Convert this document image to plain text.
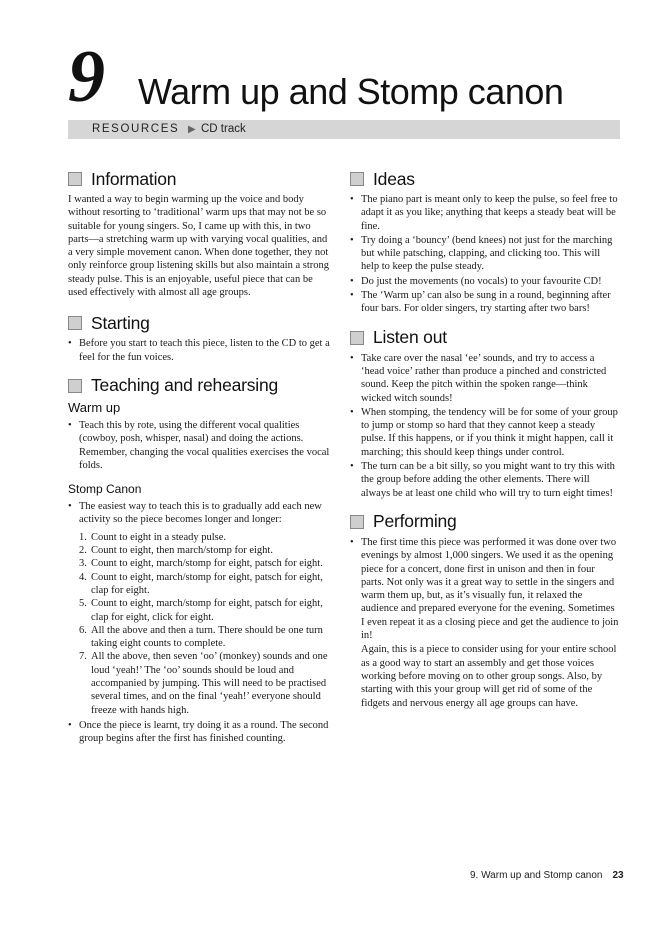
9 Warm up and Stomp canon
RESOURCES ▶ CD track
Information

I wanted a way to begin warming up the voice and body without resorting to ‘traditional’ warm ups that may not be so suitable for young singers. So, I came up with this, in two parts—a stretching warm up with varying vocal qualities, and a very simple movement canon. When done together, they not only reinforce group listening skills but also maintain a strong steady pulse. This is an enjoyable, useful piece that can be used effectively with almost all age groups.

Starting
• Before you start to teach this piece, listen to the CD to get a feel for the fun voices.
Teaching and rehearsing
Warm up
• Teach this by rote, using the different vocal qualities (cowboy, posh, whisper, nasal) and doing the actions. Remember, changing the vocal qualities exercises the vocal folds.
Stomp Canon
• The easiest way to teach this is to gradually add each new activity so the piece becomes longer and longer:
1. Count to eight in a steady pulse.
2. Count to eight, then march/stomp for eight.
3. Count to eight, march/stomp for eight, patsch for eight.
4. Count to eight, march/stomp for eight, patsch for eight, clap for eight.
5. Count to eight, march/stomp for eight, patsch for eight, clap for eight, click for eight.
6. All the above and then a turn. There should be one turn taking eight counts to complete.
7. All the above, then seven ‘oo’ (monkey) sounds and one loud ‘yeah!’ The ‘oo’ sounds should be loud and accompanied by jumping. This will need to be practised several times, and on the final ‘yeah!’ everyone should freeze with hands high.
• Once the piece is learnt, try doing it as a round. The second group begins after the first has finished counting.
Ideas
• The piano part is meant only to keep the pulse, so feel free to adapt it as you like; anything that keeps a steady beat will be fine.
• Try doing a ‘bouncy’ (bend knees) not just for the marching but while patsching, clapping, and clicking too. This will help to keep the pulse steady.
• Do just the movements (no vocals) to your favourite CD!
• The ‘Warm up’ can also be sung in a round, beginning after four bars. For older singers, try starting after two bars!
Listen out
• Take care over the nasal ‘ee’ sounds, and try to access a ‘head voice’ rather than produce a pinched and constricted sound. Keep the pitch within the spoken range—think wicked witch sounds!
• When stomping, the tendency will be for some of your group to jump or stomp so hard that they cannot keep a steady pulse. If this happens, or if you think it might happen, call it marching; this should keep things under control.
• The turn can be a bit silly, so you might want to try this with the group before adding the other elements. There will always be at least one child who will try to turn eight times!
Performing
• The first time this piece was performed it was done over two evenings by almost 1,000 singers. We used it as the opening piece for a concert, done first in unison and then in four parts. Not only was it a great way to settle in the singers and warm them up, but, as it’s visually fun, it relaxed the audience and prepared everyone for the evening. Sometimes I even repeat it as a closing piece and get the audience to join in!

Again, this is a piece to consider using for your entire school as a good way to start an assembly and get those voices working before moving on to other group songs. Also, by starting with this your group will get rid of some of the fidgets and nervous energy all age groups can have.

9. Warm up and Stomp canon 23
